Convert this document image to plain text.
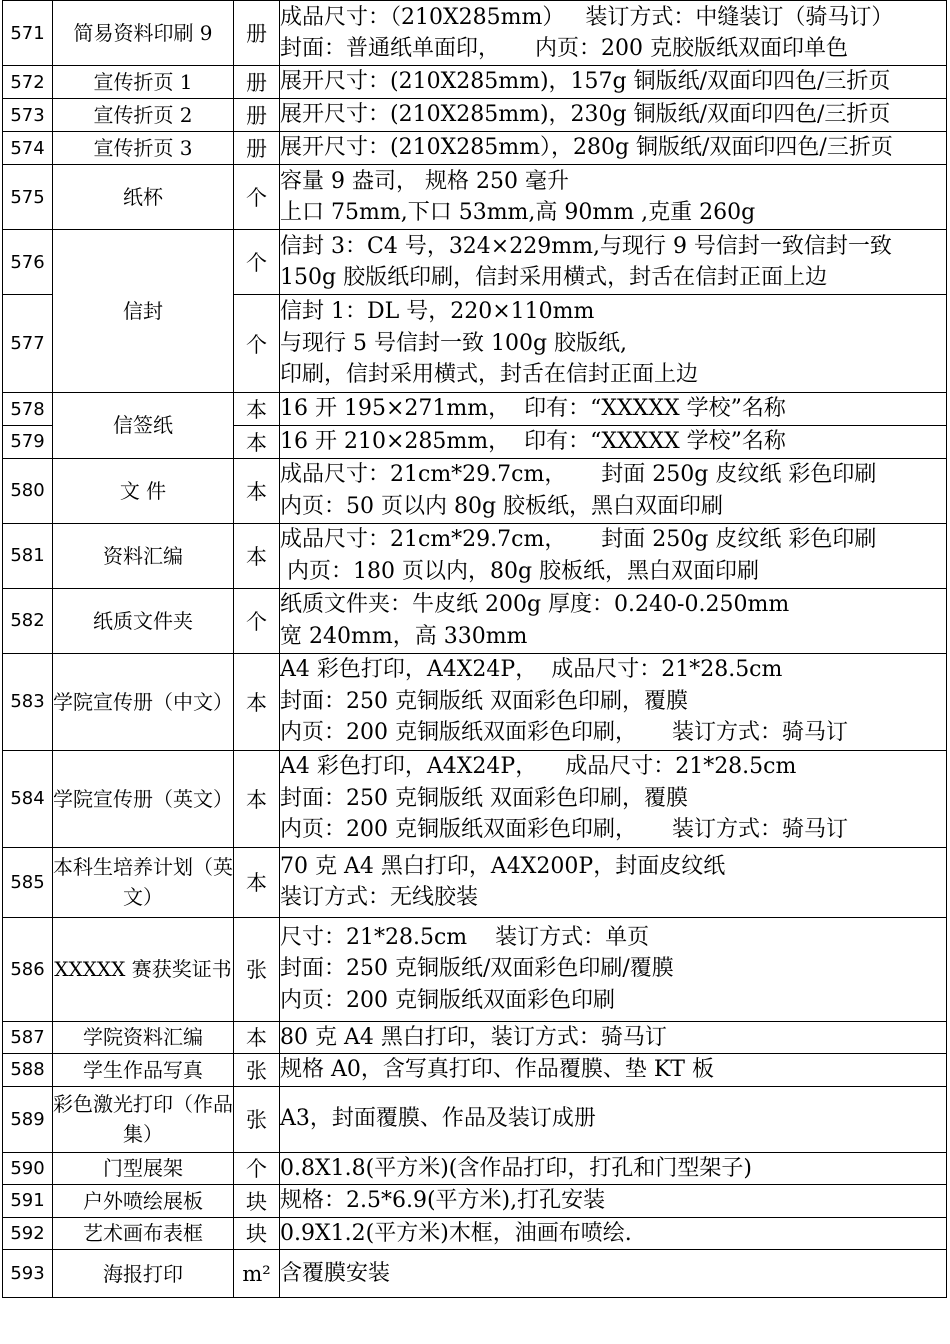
571	简易资料印刷 9	册	成品尺寸：（210X285mm）   装订方式：中缝装订（骑马订）
封面：普通纸单面印，     内页：200 克胶版纸双面印单色

572	宣传折页 1	册	展开尺寸：(210X285mm)，157g 铜版纸/双面印四色/三折页

573	宣传折页 2	册	展开尺寸：(210X285mm)，230g 铜版纸/双面印四色/三折页

574	宣传折页 3	册	展开尺寸：(210X285mm），280g 铜版纸/双面印四色/三折页

575	纸杯	个	容量 9 盎司， 规格 250 毫升
上口 75mm,下口 53mm,高 90mm ,克重 260g

576	信封	个	信封 3：C4 号，324×229mm,与现行 9 号信封一致信封一致
150g 胶版纸印刷，信封采用横式，封舌在信封正面上边

577		个	信封 1：DL 号，220×110mm
与现行 5 号信封一致 100g 胶版纸,
印刷，信封采用横式，封舌在信封正面上边

578	信签纸	本	16 开 195×271mm，  印有：“XXXXX 学校”名称

579		本	16 开 210×285mm，  印有：“XXXXX 学校”名称

580	文 件	本	成品尺寸：21cm*29.7cm，     封面 250g 皮纹纸 彩色印刷
内页：50 页以内 80g 胶板纸，黑白双面印刷

581	资料汇编	本	成品尺寸：21cm*29.7cm，     封面 250g 皮纹纸 彩色印刷
内页：180 页以内，80g 胶板纸，黑白双面印刷

582	纸质文件夹	个	纸质文件夹：牛皮纸 200g 厚度：0.240-0.250mm
宽 240mm，高 330mm

583	学院宣传册（中文）	本	A4 彩色打印，A4X24P，  成品尺寸：21*28.5cm
封面：250 克铜版纸 双面彩色印刷，覆膜
内页：200 克铜版纸双面彩色印刷，     装订方式：骑马订

584	学院宣传册（英文）	本	A4 彩色打印，A4X24P，    成品尺寸：21*28.5cm
封面：250 克铜版纸 双面彩色印刷，覆膜
内页：200 克铜版纸双面彩色印刷，     装订方式：骑马订

585	本科生培养计划（英文）	本	70 克 A4 黑白打印，A4X200P，封面皮纹纸
装订方式：无线胶装

586	XXXXX 赛获奖证书	张	尺寸：21*28.5cm    装订方式：单页
封面：250 克铜版纸/双面彩色印刷/覆膜
内页：200 克铜版纸双面彩色印刷

587	学院资料汇编	本	80 克 A4 黑白打印，装订方式：骑马订

588	学生作品写真	张	规格 A0，含写真打印、作品覆膜、垫 KT 板

589	彩色激光打印（作品集）	张	A3，封面覆膜、作品及装订成册

590	门型展架	个	0.8X1.8(平方米)(含作品打印，打孔和门型架子)

591	户外喷绘展板	块	规格：2.5*6.9(平方米),打孔安装

592	艺术画布表框	块	0.9X1.2(平方米)木框，油画布喷绘.

593	海报打印	m²	含覆膜安装
